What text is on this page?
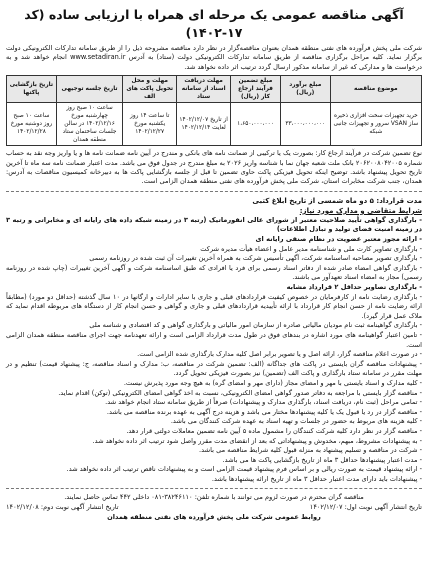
آگهی مناقصه عمومی یک مرحله ای همراه با ارزیابی ساده (کد ۱۷-۱۴۰۲)

شرکت ملی پخش فرآورده های نفتی منطقه همدان بعنوان مناقصه‌گزار در نظر دارد مناقصه مشروحه ذیل را از طریق سامانه تدارکات الکترونیکی دولت برگزار نماید. کلیه مراحل برگزاری مناقصه از طریق سامانه تدارکات الکترونیکی دولت (ستاد) به آدرس www.setadiran.ir انجام خواهد شد و به درخواست ها و مدارکی که غیر از سامانه مذکور ارسال گردد ترتیب اثر داده نخواهد شد.

موضوع مناقصه	مبلغ برآورد (ریال)	مبلغ تضمین فرآیند ارجاع کار (ریال)	مهلت دریافت اسناد از سامانه ستاد	مهلت و محل تحویل پاکت های الف	تاریخ جلسه توجیهی	تاریخ بازگشایی پاکتها
خرید تجهیزات سخت افزاری ذخیره ساز VSAN سرور و تجهیزات جانبی شبکه	۳۳،۰۰۰،۰۰۰،۰۰۰	۱،۶۵۰،۰۰۰،۰۰۰	از تاریخ ۱۴۰۲/۱۲/۰۷ لغایت ۱۴۰۲/۱۲/۱۴	تا ساعت ۱۴ روز یکشنبه مورخ ۱۴۰۲/۱۲/۲۷	ساعت ۱۰ صبح روز چهارشنبه مورخ ۱۴۰۲/۱۲/۱۶ در سالن جلسات ساختمان ستاد منطقه همدان	ساعت ۱۰ صبح روز دوشنبه مورخ ۱۴۰۲/۱۲/۲۸

نوع تضمین شرکت در فرآیند ارجاع کار: بصورت یک یا ترکیبی از ضمانت نامه های بانکی و مندرج در آیین نامه ضمانت نامه ها و یا واریز وجه نقد به حساب شماره ۲۰۶۲۰۰۸۰۴۲۰۰۵ بانک ملت شعبه جهان نما با شناسه واریز ۲۰۲۶ به مبلغ مندرج در جدول فوق می باشد. مدت اعتبار ضمانت نامه سه ماه تا آخرین تاریخ تحویل پیشنهاد باشد. توضیح اینکه تحویل فیزیکی پاکت حاوی تضمین تا قبل از جلسه بازگشایی پاکت ها به دبیرخانه کمیسیون مناقصات به آدرس: همدان، جنب شرکت مخابرات استان، شرکت ملی پخش فرآورده های نفتی منطقه همدان الزامی است.

مدت قرارداد: ۵ دو ماه شمسی از تاریخ ابلاغ کتبی
شرایط متقاضی و مدارک مورد نیاز:
- بارگذاری گواهی تأیید صلاحیت معتبر از شورای عالی انفورماتیک (رتبه ۳ در زمینه شبکه داده های رایانه ای و مخابراتی و رتبه ۳ در زمینه امنیت فضای تولید و تبادل اطلاعات)
- ارائه مجوز معتبر عضویت در نظام صنفی رایانه ای
- بارگذاری تصاویر کارت ملی و شناسنامه مدیر عامل و اعضاء هیأت مدیره شرکت
- بارگذاری تصویر مصاحبه اساسنامه شرکت، آگهی تأسیس شرکت به همراه آخرین تغییرات آن ثبت شده در روزنامه رسمی
- بارگذاری گواهی امضاء صادر شده از دفاتر اسناد رسمی برای فرد یا افرادی که طبق اساسنامه شرکت و آگهی آخرین تغییرات (چاپ شده در روزنامه رسمی) مجاز به امضاء اسناد تعهدآور می باشند.
- بارگذاری تصاویر حداقل ۲ قرارداد مشابه
- بارگذاری رضایت نامه از کارفرمایان در خصوص کیفیت قراردادهای قبلی و جاری با سایر ادارات و ارگانها در ۱۰ سال گذشته (حداقل دو مورد) (مطابقاً ارائه رضایت نامه از حسن انجام کار قرارداد با ارائه تأییدیه قراردادهای قبلی و جاری و گواهی و حسن انجام کار از دستگاه های مربوطه اقدام نماید که ملاک عمل قرار گیرد).
- بارگذاری گواهینامه ثبت نام مودیان مالیاتی صادره از سازمان امور مالیاتی و بارگذاری گواهی و کد اقتصادی و شناسه ملی
- تامین اعتبار گواهینامه های مورد اشاره در بندهای فوق در طول مدت قرارداد الزامی است و ارائه تعهدنامه جهت اجرای مناقصه منطقه همدان الزامی است.
- در صورت اعلام مناقصه گزار، ارائه اصل و یا تصویر برابر اصل کلیه مدارک بارگذاری شده الزامی است.
- پیشنهادات مناقصه گران بایستی در پاکت های جداگانه (الف: تضمین شرکت در مناقصه، ب: مدارک و اسناد مناقصه، ج: پیشنهاد قیمت) تنظیم و در مهلت مقرر در سامانه ستاد بارگذاری و پاکت الف (تضمین) نیز بصورت فیزیکی تحویل گردد.
- کلیه مدارک و اسناد بایستی با مهر و امضای مجاز (دارای مهر و امضای گره) به هیچ وجه مورد پذیرش نیست.
- مناقصه گزار بایستی با مراجعه به دفاتر صدور گواهی امضای الکترونیکی، نسبت به اخذ گواهی امضای الکترونیکی (توکن) اقدام نماید.
- تمامی مراحل (ثبت نام، دریافت اسناد، بارگذاری مدارک و پیشنهادات) صرفاً از طریق سامانه ستاد انجام خواهد شد.
- مناقصه گزار در رد یا قبول یک یا کلیه پیشنهادها مختار می باشد و هزینه درج آگهی به عهده برنده مناقصه می باشد.
- کلیه هزینه های مربوط به حضور در جلسات و تهیه اسناد به عهده شرکت کنندگان می باشد.
- مناقصه گزار در نظر دارد کلیه شرکت کنندگان را مشمول ماده ۵ آیین نامه تضمین معاملات دولتی قرار دهد.
- به پیشنهادات مشروط، مبهم، مخدوش و پیشنهاداتی که بعد از انقضای مدت مقرر واصل شود ترتیب اثر داده نخواهد شد.
- شرکت در مناقصه و تسلیم پیشنهاد به منزله قبول کلیه شرایط مناقصه می باشد.
- مدت اعتبار پیشنهادها حداقل ۳ ماه از تاریخ بازگشایی پاکت ها می باشد.
- ارائه پیشنهاد قیمت به صورت ریالی و بر اساس فرم پیشنهاد قیمت الزامی است و به پیشنهادات ناقص ترتیب اثر داده نخواهد شد.
- پیشنهادات باید دارای مدت اعتبار حداقل ۳ ماه از تاریخ ارائه پیشنهادها باشد.
مناقصه گران محترم در صورت لزوم می توانند با شماره تلفن: ۳۸۲۴۶۱۱۰-۰۸۱ داخلی ۴۴۲ تماس حاصل نمایند.
تاریخ انتشار آگهی نوبت اول: ۱۴۰۲/۱۲/۰۷
تاریخ انتشار آگهی نوبت دوم: ۱۴۰۲/۱۲/۰۸
روابط عمومی شرکت ملی پخش فرآورده های نفتی منطقه همدان
